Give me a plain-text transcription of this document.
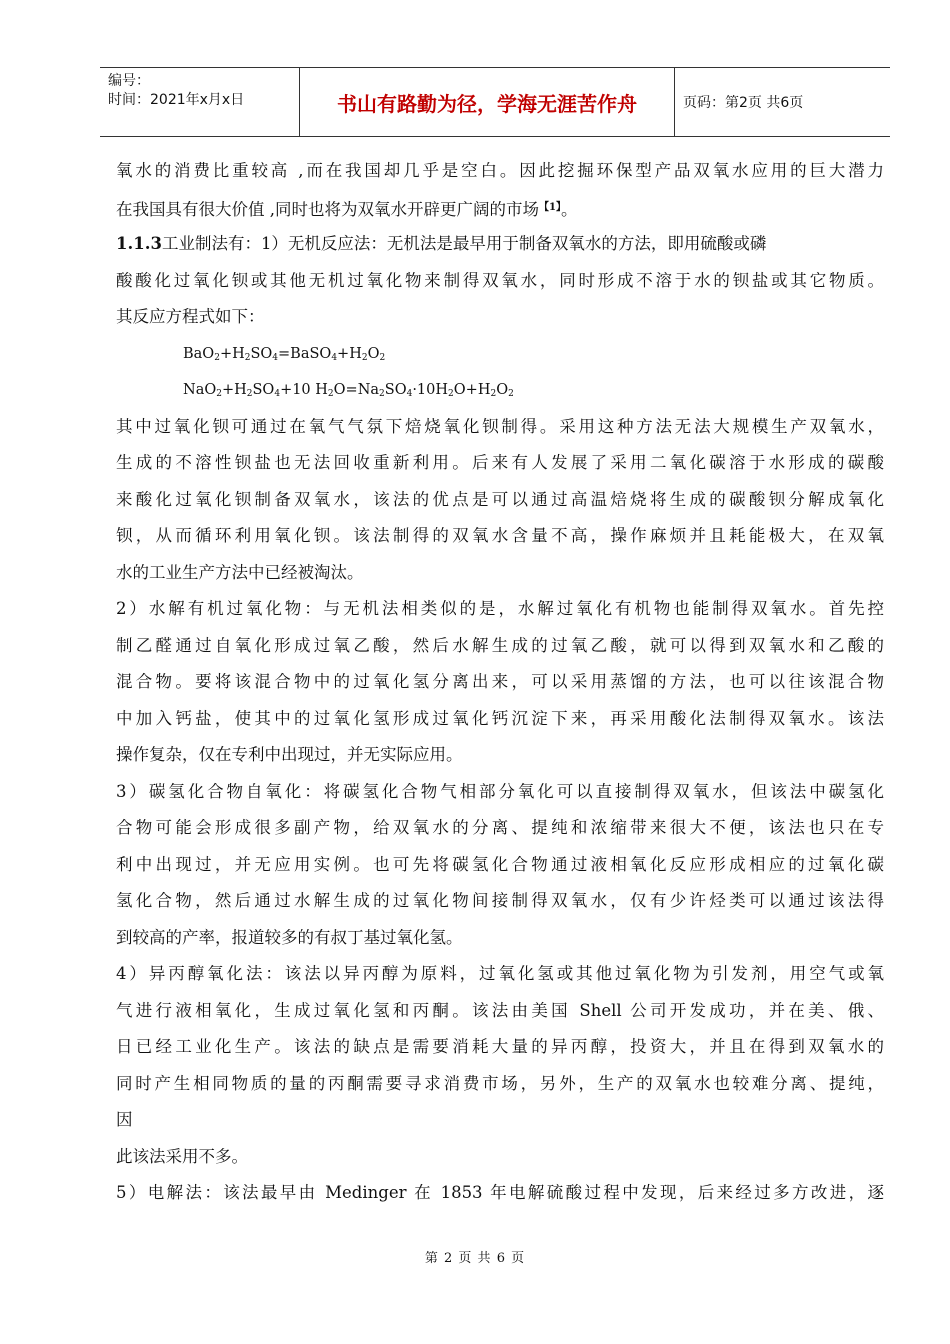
编号：
时间：2021年x月x日	书山有路勤为径，学海无涯苦作舟	页码：第2页 共6页
氧水的消费比重较高 ,而在我国却几乎是空白。因此挖掘环保型产品双氧水应用的巨大潜力
在我国具有很大价值 ,同时也将为双氧水开辟更广阔的市场$^{【1】}$。
1.1.3工业制法有：1）无机反应法：无机法是最早用于制备双氧水的方法，即用硫酸或磷
酸酸化过氧化钡或其他无机过氧化物来制得双氧水，同时形成不溶于水的钡盐或其它物质。
其反应方程式如下：
$BaO_2+H_2SO_4=BaSO_4+H_2O_2$
$NaO_2+H_2SO_4+10$ $H_2O=Na_2SO_4\cdot 10H_2O+H_2O_2$
其中过氧化钡可通过在氧气气氛下焙烧氧化钡制得。采用这种方法无法大规模生产双氧水，
生成的不溶性钡盐也无法回收重新利用。后来有人发展了采用二氧化碳溶于水形成的碳酸
来酸化过氧化钡制备双氧水，该法的优点是可以通过高温焙烧将生成的碳酸钡分解成氧化
钡，从而循环利用氧化钡。该法制得的双氧水含量不高，操作麻烦并且耗能极大，在双氧
水的工业生产方法中已经被淘汰。
2）水解有机过氧化物：与无机法相类似的是，水解过氧化有机物也能制得双氧水。首先控
制乙醛通过自氧化形成过氧乙酸，然后水解生成的过氧乙酸，就可以得到双氧水和乙酸的
混合物。要将该混合物中的过氧化氢分离出来，可以采用蒸馏的方法，也可以往该混合物
中加入钙盐，使其中的过氧化氢形成过氧化钙沉淀下来，再采用酸化法制得双氧水。该法
操作复杂，仅在专利中出现过，并无实际应用。
3）碳氢化合物自氧化：将碳氢化合物气相部分氧化可以直接制得双氧水，但该法中碳氢化
合物可能会形成很多副产物，给双氧水的分离、提纯和浓缩带来很大不便，该法也只在专
利中出现过，并无应用实例。也可先将碳氢化合物通过液相氧化反应形成相应的过氧化碳
氢化合物，然后通过水解生成的过氧化物间接制得双氧水，仅有少许烃类可以通过该法得
到较高的产率，报道较多的有叔丁基过氧化氢。
4）异丙醇氧化法：该法以异丙醇为原料，过氧化氢或其他过氧化物为引发剂，用空气或氧
气进行液相氧化，生成过氧化氢和丙酮。该法由美国 Shell 公司开发成功，并在美、俄、
日已经工业化生产。该法的缺点是需要消耗大量的异丙醇，投资大，并且在得到双氧水的
同时产生相同物质的量的丙酮需要寻求消费市场，另外，生产的双氧水也较难分离、提纯，
因
此该法采用不多。
5）电解法：该法最早由 Medinger 在 1853 年电解硫酸过程中发现，后来经过多方改进，逐
第 2 页 共 6 页
